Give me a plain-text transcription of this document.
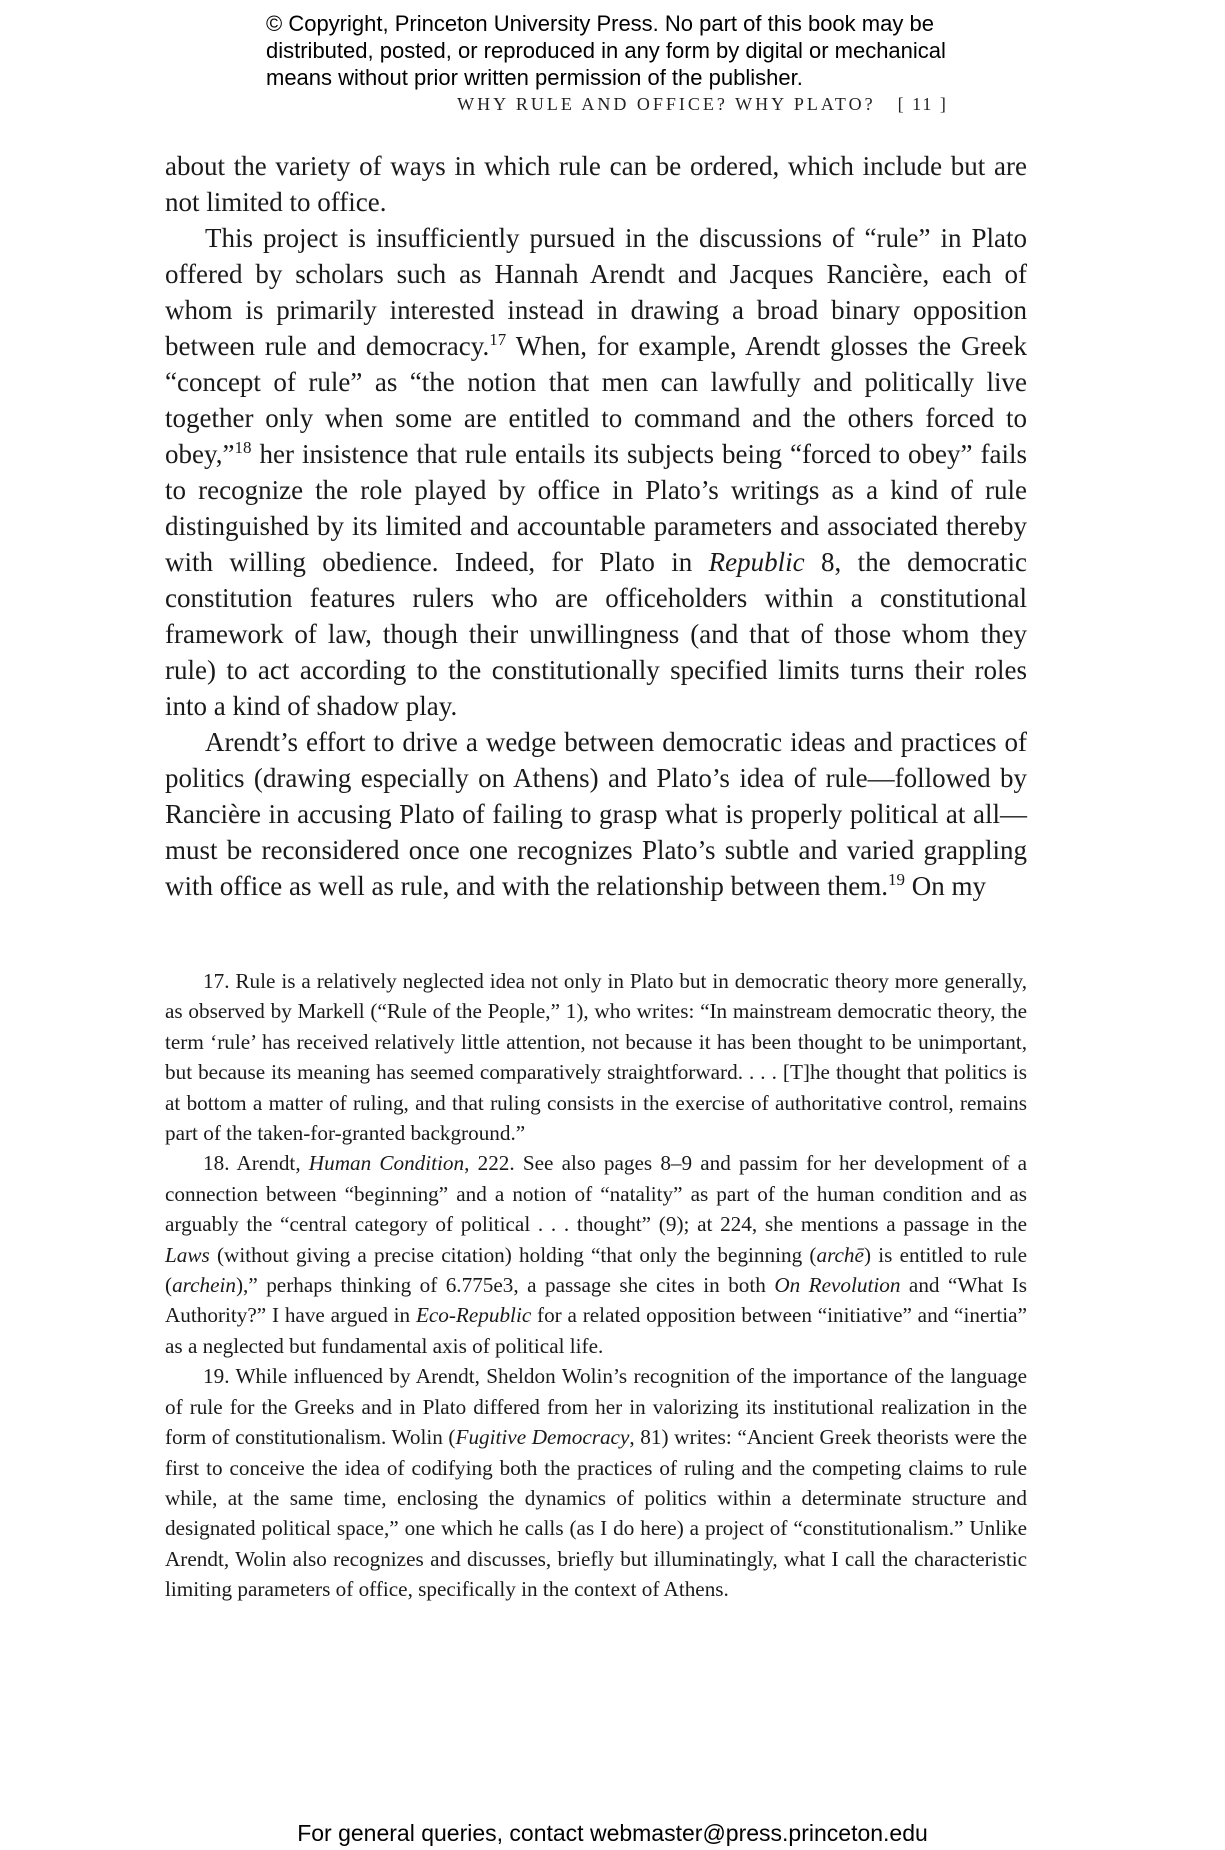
© Copyright, Princeton University Press. No part of this book may be
distributed, posted, or reproduced in any form by digital or mechanical
means without prior written permission of the publisher.
WHY RULE AND OFFICE? WHY PLATO? [ 11 ]

about the variety of ways in which rule can be ordered, which include but are not limited to office.

This project is insufficiently pursued in the discussions of “rule” in Plato offered by scholars such as Hannah Arendt and Jacques Rancière, each of whom is primarily interested instead in drawing a broad binary opposition between rule and democracy.$^{17}$ When, for example, Arendt glosses the Greek “concept of rule” as “the notion that men can lawfully and politically live together only when some are entitled to command and the others forced to obey,”$^{18}$ her insistence that rule entails its subjects being “forced to obey” fails to recognize the role played by office in Plato’s writings as a kind of rule distinguished by its limited and accountable parameters and associated thereby with willing obedience. Indeed, for Plato in Republic 8, the democratic constitution features rulers who are officeholders within a constitutional framework of law, though their unwillingness (and that of those whom they rule) to act according to the constitutionally specified limits turns their roles into a kind of shadow play.

Arendt’s effort to drive a wedge between democratic ideas and practices of politics (drawing especially on Athens) and Plato’s idea of rule—followed by Rancière in accusing Plato of failing to grasp what is properly political at all—must be reconsidered once one recognizes Plato’s subtle and varied grappling with office as well as rule, and with the relationship between them.$^{19}$ On my

17. Rule is a relatively neglected idea not only in Plato but in democratic theory more generally, as observed by Markell (“Rule of the People,” 1), who writes: “In mainstream democratic theory, the term ‘rule’ has received relatively little attention, not because it has been thought to be unimportant, but because its meaning has seemed comparatively straightforward. . . . [T]he thought that politics is at bottom a matter of ruling, and that ruling consists in the exercise of authoritative control, remains part of the taken-for-granted background.”

18. Arendt, Human Condition, 222. See also pages 8–9 and passim for her development of a connection between “beginning” and a notion of “natality” as part of the human condition and as arguably the “central category of political . . . thought” (9); at 224, she mentions a passage in the Laws (without giving a precise citation) holding “that only the beginning (archē) is entitled to rule (archein),” perhaps thinking of 6.775e3, a passage she cites in both On Revolution and “What Is Authority?” I have argued in Eco-Republic for a related opposition between “initiative” and “inertia” as a neglected but fundamental axis of political life.

19. While influenced by Arendt, Sheldon Wolin’s recognition of the importance of the language of rule for the Greeks and in Plato differed from her in valorizing its institutional realization in the form of constitutionalism. Wolin (Fugitive Democracy, 81) writes: “Ancient Greek theorists were the first to conceive the idea of codifying both the practices of ruling and the competing claims to rule while, at the same time, enclosing the dynamics of politics within a determinate structure and designated political space,” one which he calls (as I do here) a project of “constitutionalism.” Unlike Arendt, Wolin also recognizes and discusses, briefly but illuminatingly, what I call the characteristic limiting parameters of office, specifically in the context of Athens.

For general queries, contact webmaster@press.princeton.edu
